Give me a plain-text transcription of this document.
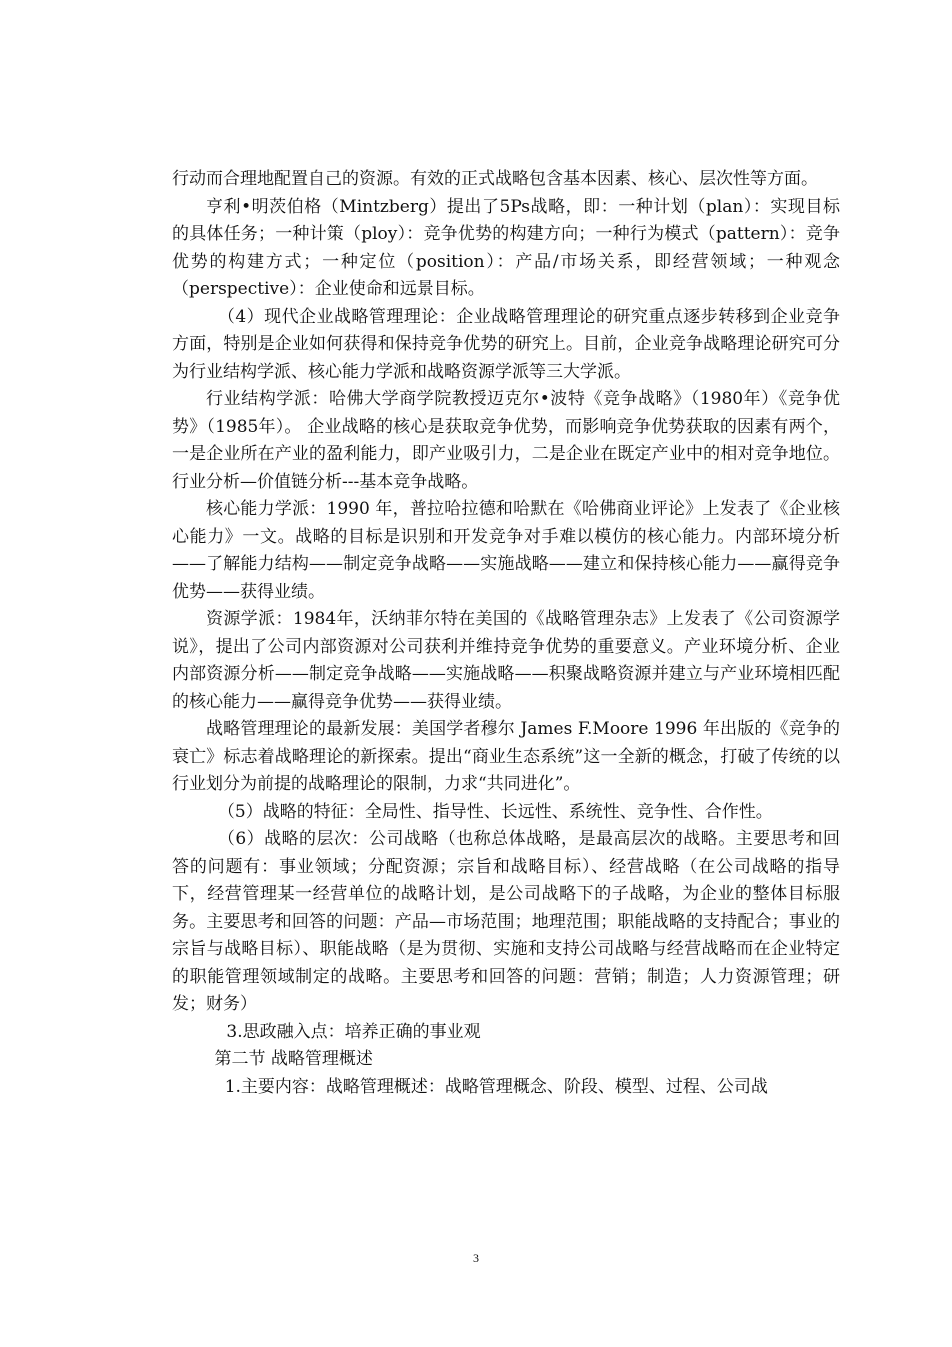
行动而合理地配置自己的资源。有效的正式战略包含基本因素、核心、层次性等方面。

亨利•明茨伯格（Mintzberg）提出了5Ps战略，即：一种计划（plan）：实现目标的具体任务；一种计策（ploy）：竞争优势的构建方向；一种行为模式（pattern）：竞争优势的构建方式；一种定位（position）：产品/市场关系，即经营领域；一种观念（perspective）：企业使命和远景目标。

（4）现代企业战略管理理论：企业战略管理理论的研究重点逐步转移到企业竞争方面，特别是企业如何获得和保持竞争优势的研究上。目前，企业竞争战略理论研究可分为行业结构学派、核心能力学派和战略资源学派等三大学派。

行业结构学派：哈佛大学商学院教授迈克尔•波特《竞争战略》（1980年）《竞争优势》（1985年）。 企业战略的核心是获取竞争优势，而影响竞争优势获取的因素有两个，一是企业所在产业的盈利能力，即产业吸引力，二是企业在既定产业中的相对竞争地位。行业分析—价值链分析---基本竞争战略。

核心能力学派：1990 年，普拉哈拉德和哈默在《哈佛商业评论》上发表了《企业核心能力》一文。战略的目标是识别和开发竞争对手难以模仿的核心能力。内部环境分析——了解能力结构——制定竞争战略——实施战略——建立和保持核心能力——赢得竞争优势——获得业绩。

资源学派：1984年，沃纳菲尔特在美国的《战略管理杂志》上发表了《公司资源学说》，提出了公司内部资源对公司获利并维持竞争优势的重要意义。产业环境分析、企业内部资源分析——制定竞争战略——实施战略——积聚战略资源并建立与产业环境相匹配的核心能力——赢得竞争优势——获得业绩。

战略管理理论的最新发展：美国学者穆尔 James F.Moore 1996 年出版的《竞争的衰亡》标志着战略理论的新探索。提出“商业生态系统”这一全新的概念，打破了传统的以行业划分为前提的战略理论的限制，力求“共同进化”。

（5）战略的特征：全局性、指导性、长远性、系统性、竞争性、合作性。

（6）战略的层次：公司战略（也称总体战略，是最高层次的战略。主要思考和回答的问题有：事业领域；分配资源；宗旨和战略目标）、经营战略（在公司战略的指导下，经营管理某一经营单位的战略计划，是公司战略下的子战略，为企业的整体目标服务。主要思考和回答的问题：产品—市场范围；地理范围；职能战略的支持配合；事业的宗旨与战略目标）、职能战略（是为贯彻、实施和支持公司战略与经营战略而在企业特定的职能管理领域制定的战略。主要思考和回答的问题：营销；制造；人力资源管理；研发；财务）

3.思政融入点：培养正确的事业观

第二节 战略管理概述

1.主要内容：战略管理概述：战略管理概念、阶段、模型、过程、公司战

3
